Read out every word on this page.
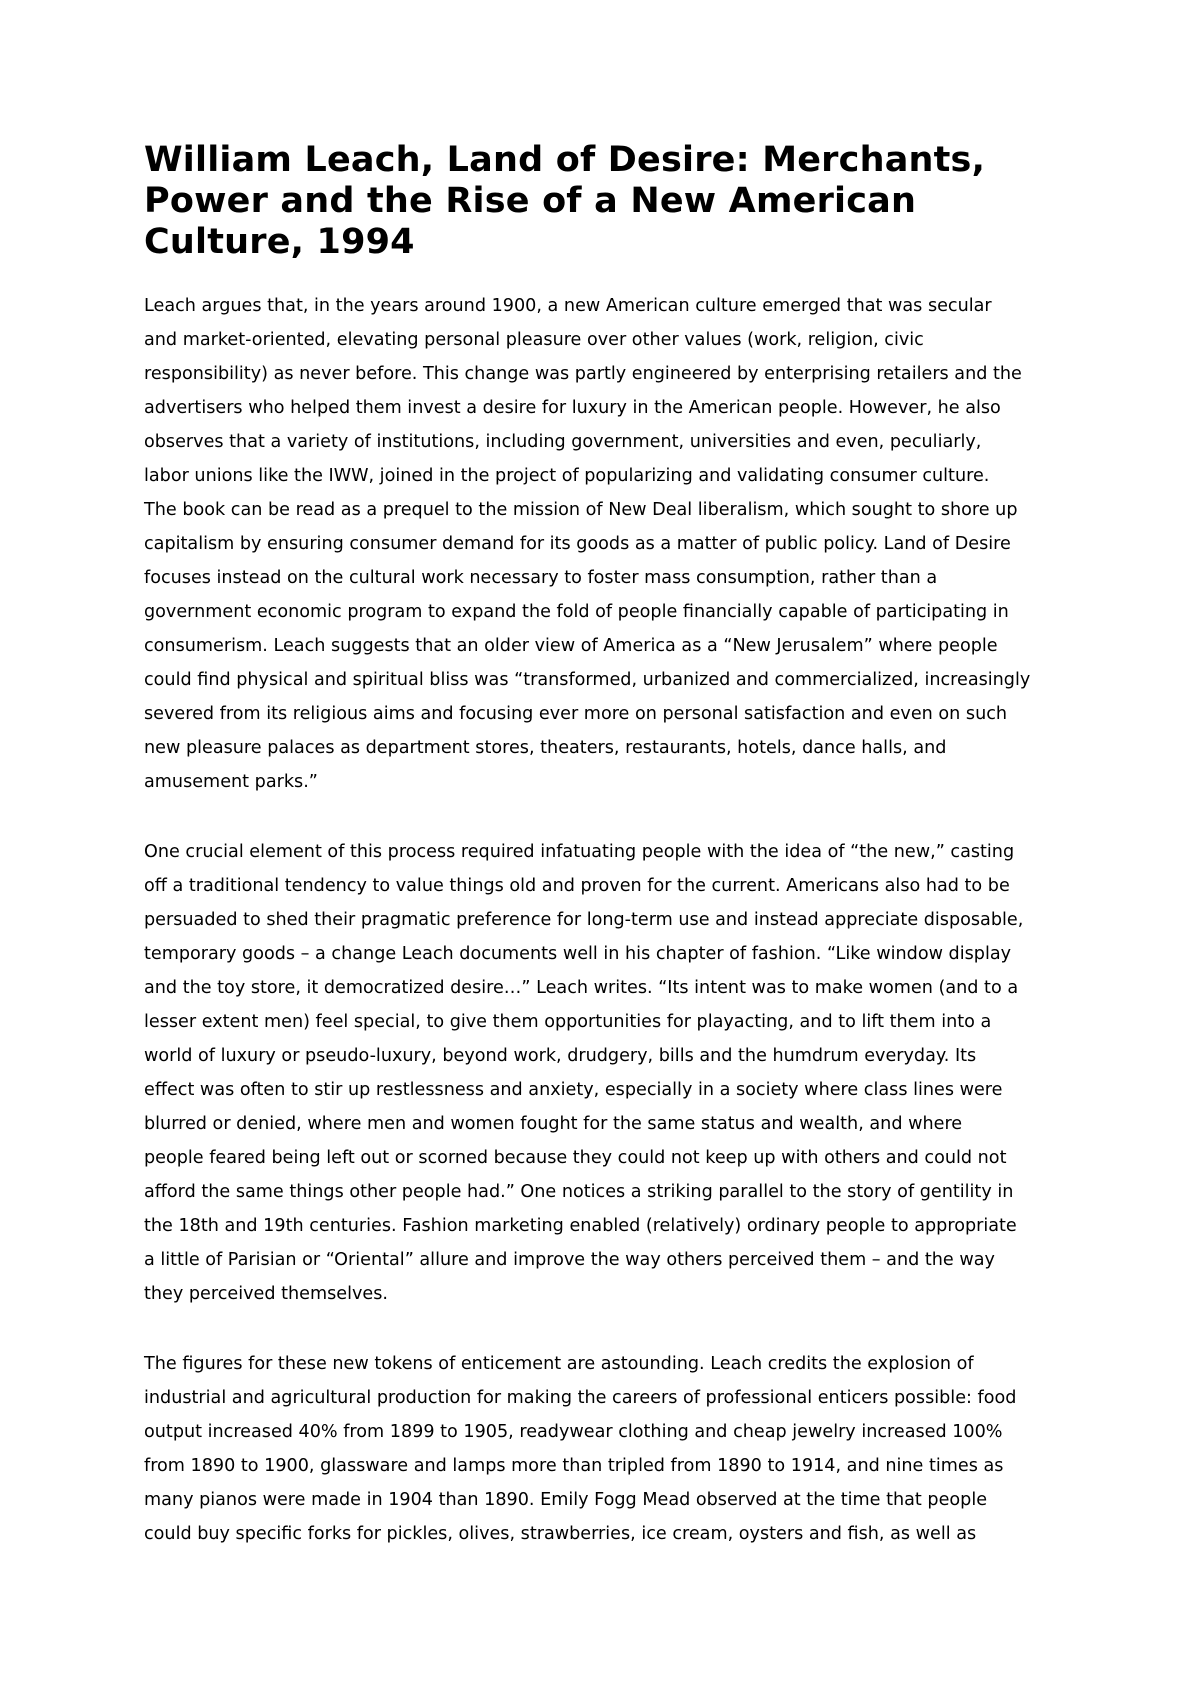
William Leach, Land of Desire: Merchants, Power and the Rise of a New American Culture, 1994

Leach argues that, in the years around 1900, a new American culture emerged that was secular
and market-oriented, elevating personal pleasure over other values (work, religion, civic
responsibility) as never before. This change was partly engineered by enterprising retailers and the
advertisers who helped them invest a desire for luxury in the American people. However, he also
observes that a variety of institutions, including government, universities and even, peculiarly,
labor unions like the IWW, joined in the project of popularizing and validating consumer culture.
The book can be read as a prequel to the mission of New Deal liberalism, which sought to shore up
capitalism by ensuring consumer demand for its goods as a matter of public policy. Land of Desire
focuses instead on the cultural work necessary to foster mass consumption, rather than a
government economic program to expand the fold of people financially capable of participating in
consumerism. Leach suggests that an older view of America as a “New Jerusalem” where people
could find physical and spiritual bliss was “transformed, urbanized and commercialized, increasingly
severed from its religious aims and focusing ever more on personal satisfaction and even on such
new pleasure palaces as department stores, theaters, restaurants, hotels, dance halls, and
amusement parks.”

One crucial element of this process required infatuating people with the idea of “the new,” casting
off a traditional tendency to value things old and proven for the current. Americans also had to be
persuaded to shed their pragmatic preference for long-term use and instead appreciate disposable,
temporary goods – a change Leach documents well in his chapter of fashion. “Like window display
and the toy store, it democratized desire…” Leach writes. “Its intent was to make women (and to a
lesser extent men) feel special, to give them opportunities for playacting, and to lift them into a
world of luxury or pseudo-luxury, beyond work, drudgery, bills and the humdrum everyday. Its
effect was often to stir up restlessness and anxiety, especially in a society where class lines were
blurred or denied, where men and women fought for the same status and wealth, and where
people feared being left out or scorned because they could not keep up with others and could not
afford the same things other people had.” One notices a striking parallel to the story of gentility in
the 18th and 19th centuries. Fashion marketing enabled (relatively) ordinary people to appropriate
a little of Parisian or “Oriental” allure and improve the way others perceived them – and the way
they perceived themselves.

The figures for these new tokens of enticement are astounding. Leach credits the explosion of
industrial and agricultural production for making the careers of professional enticers possible: food
output increased 40% from 1899 to 1905, readywear clothing and cheap jewelry increased 100%
from 1890 to 1900, glassware and lamps more than tripled from 1890 to 1914, and nine times as
many pianos were made in 1904 than 1890. Emily Fogg Mead observed at the time that people
could buy specific forks for pickles, olives, strawberries, ice cream, oysters and fish, as well as
